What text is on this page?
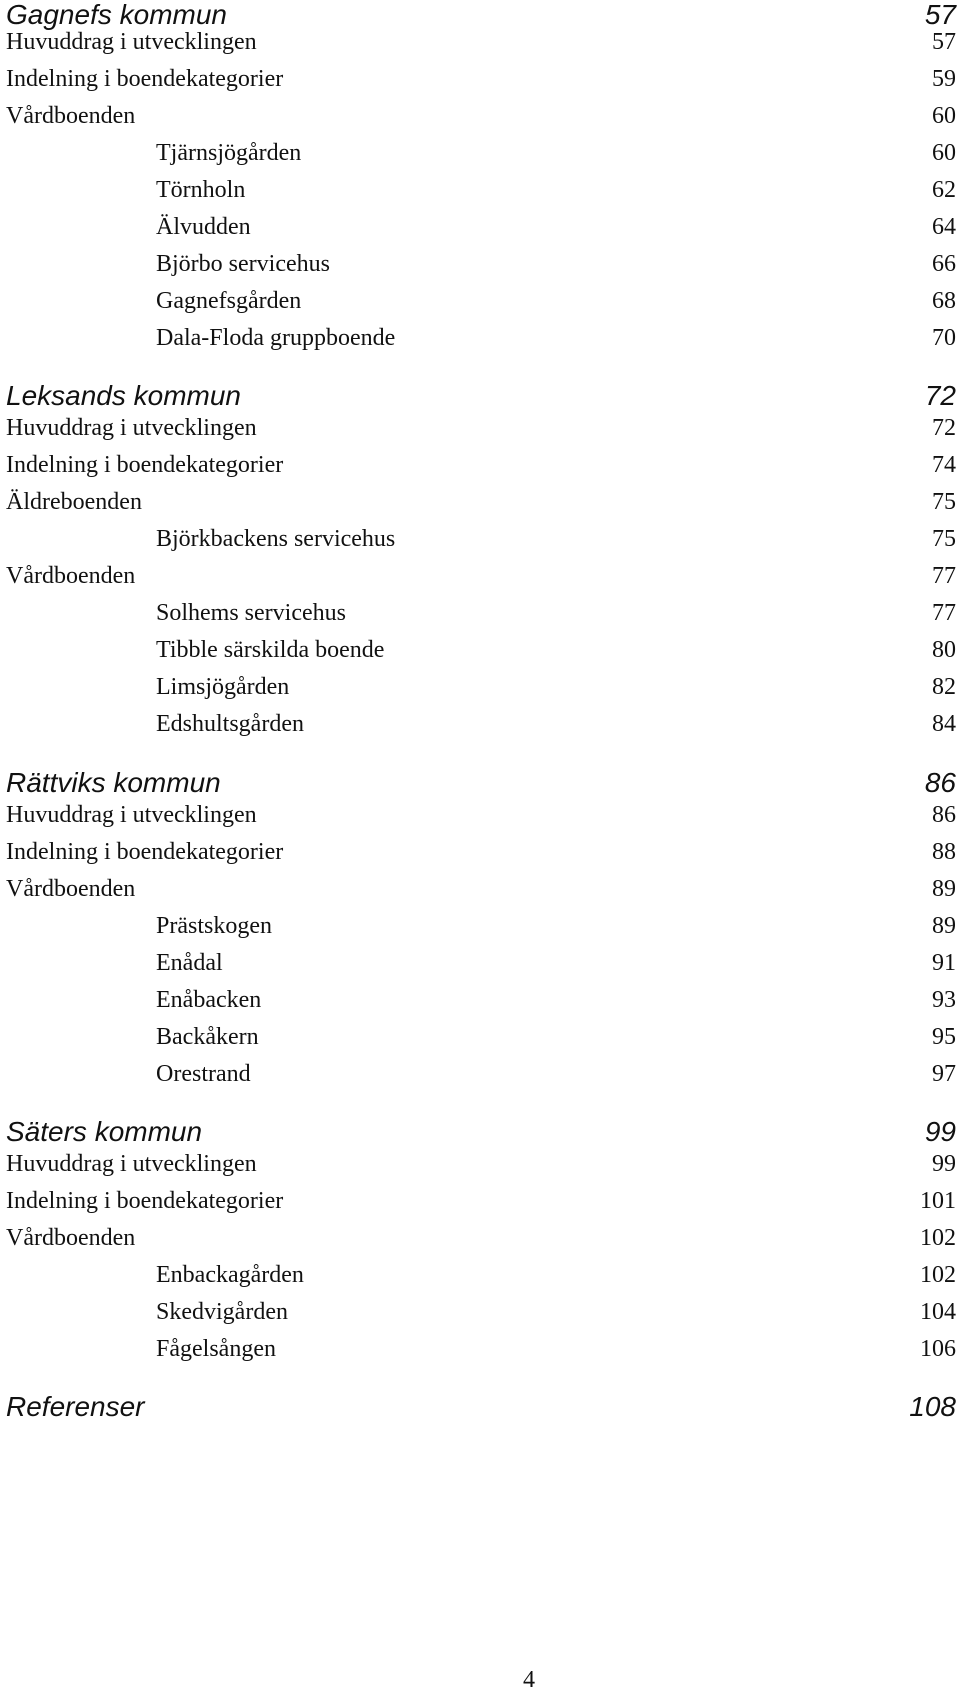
Gagnefs kommun	57
Huvuddrag i utvecklingen	57
Indelning i boendekategorier	59
Vårdboenden	60
Tjärnsjögården	60
Törnholn	62
Älvudden	64
Björbo servicehus	66
Gagnefsgården	68
Dala-Floda gruppboende	70
Leksands kommun	72
Huvuddrag i utvecklingen	72
Indelning i boendekategorier	74
Äldreboenden	75
Björkbackens servicehus	75
Vårdboenden	77
Solhems servicehus	77
Tibble särskilda boende	80
Limsjögården	82
Edshultsgården	84
Rättviks kommun	86
Huvuddrag i utvecklingen	86
Indelning i boendekategorier	88
Vårdboenden	89
Prästskogen	89
Enådal	91
Enåbacken	93
Backåkern	95
Orestrand	97
Säters kommun	99
Huvuddrag i utvecklingen	99
Indelning i boendekategorier	101
Vårdboenden	102
Enbackagården	102
Skedvigården	104
Fågelsången	106
Referenser	108
4
